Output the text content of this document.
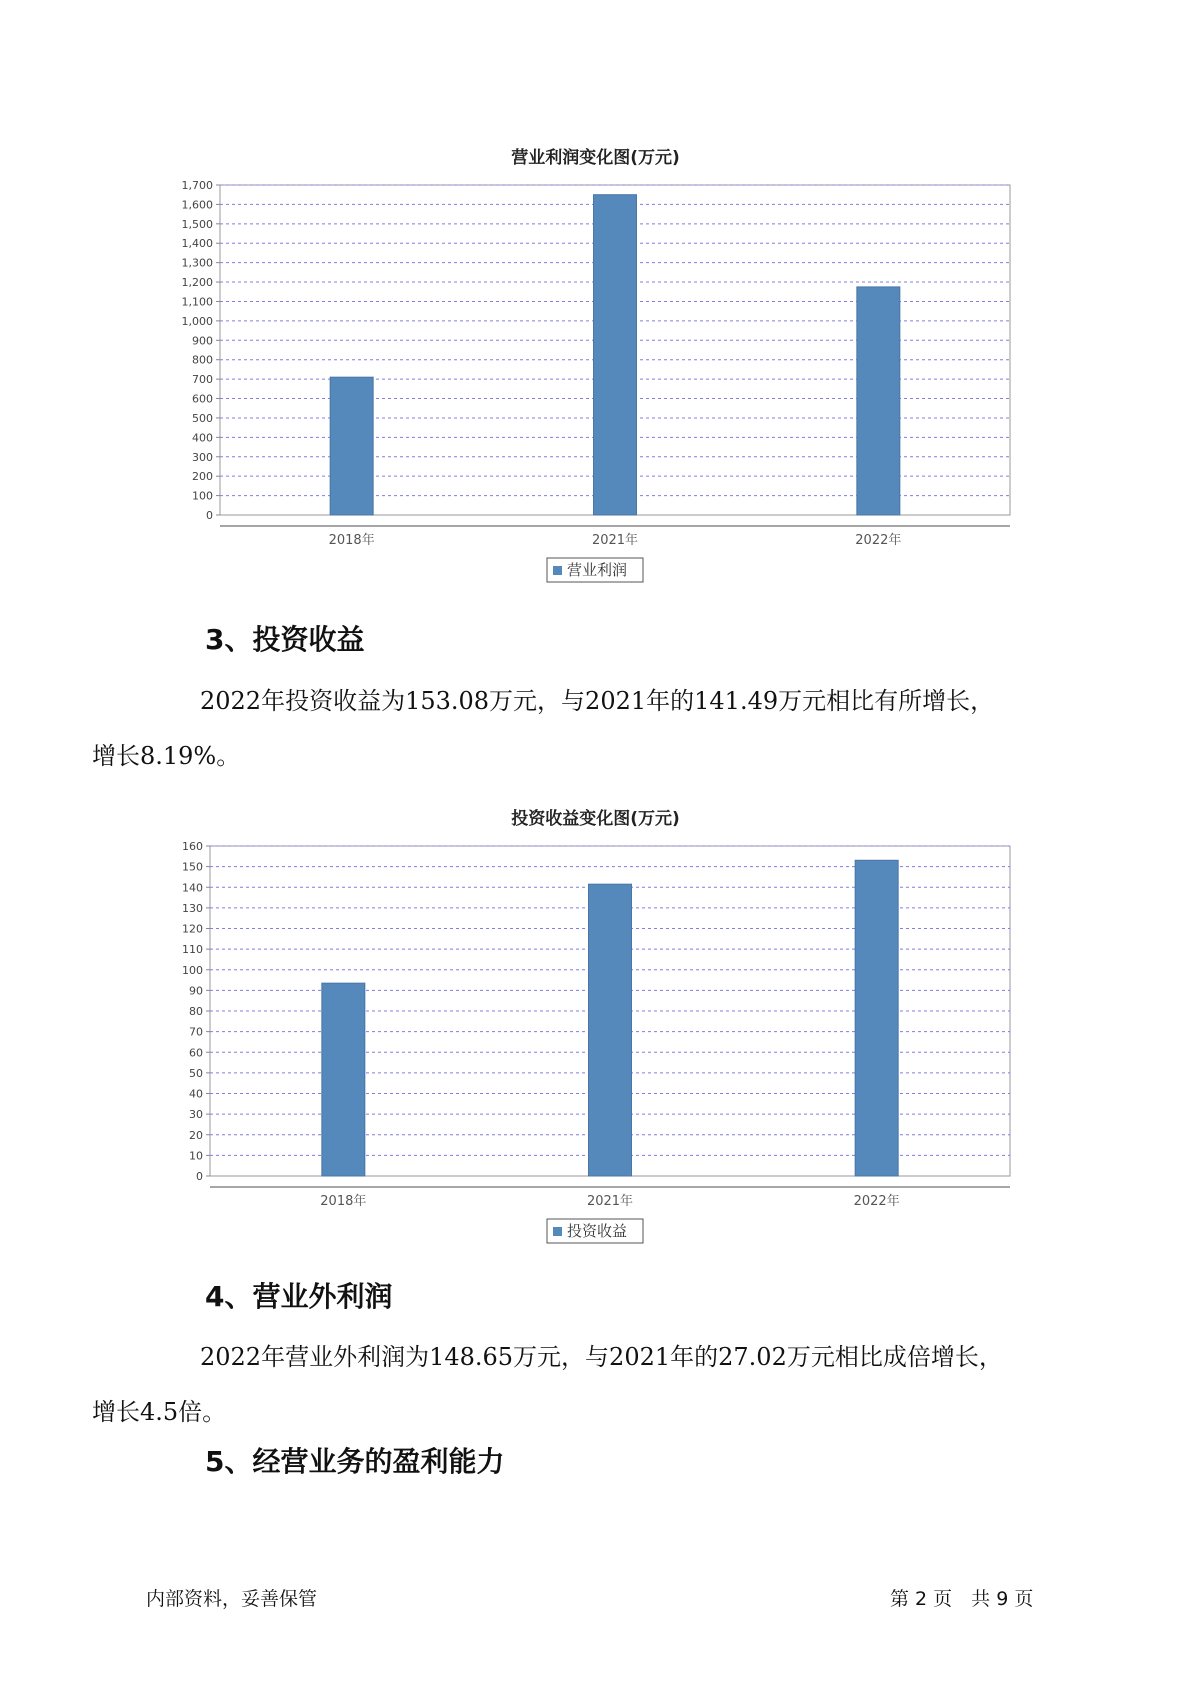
营业利润变化图(万元)
0
100
200
300
400
500
600
700
800
900
1,000
1,100
1,200
1,300
1,400
1,500
1,600
1,700
2018年	2021年	2022年
营业利润
3、投资收益

2022年投资收益为153.08万元，与2021年的141.49万元相比有所增长，
增长8.19%。

投资收益变化图(万元)
0
10
20
30
40
50
60
70
80
90
100
110
120
130
140
150
160
2018年	2021年	2022年
投资收益
4、营业外利润

2022年营业外利润为148.65万元，与2021年的27.02万元相比成倍增长，
增长4.5倍。

5、经营业务的盈利能力
内部资料，妥善保管	第 2 页　共 9 页
